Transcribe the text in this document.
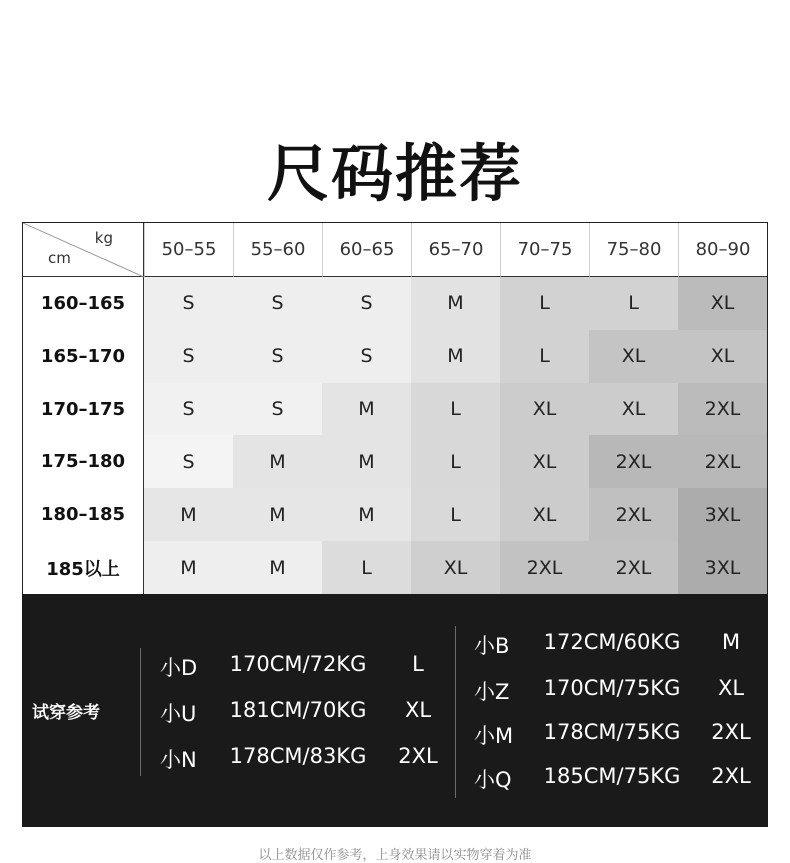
尺码推荐
kg
cm	50–55	55–60	60–65	65–70	70–75	75–80	80–90
160–165	S	S	S	M	L	L	XL
165–170	S	S	S	M	L	XL	XL
170–175	S	S	M	L	XL	XL	2XL
175–180	S	M	M	L	XL	2XL	2XL
180–185	M	M	M	L	XL	2XL	3XL
185以上	M	M	L	XL	2XL	2XL	3XL
试穿参考
小D	170CM/72KG	L
小U	181CM/70KG	XL
小N	178CM/83KG	2XL
小B	172CM/60KG	M
小Z	170CM/75KG	XL
小M	178CM/75KG	2XL
小Q	185CM/75KG	2XL
以上数据仅作参考，上身效果请以实物穿着为准
